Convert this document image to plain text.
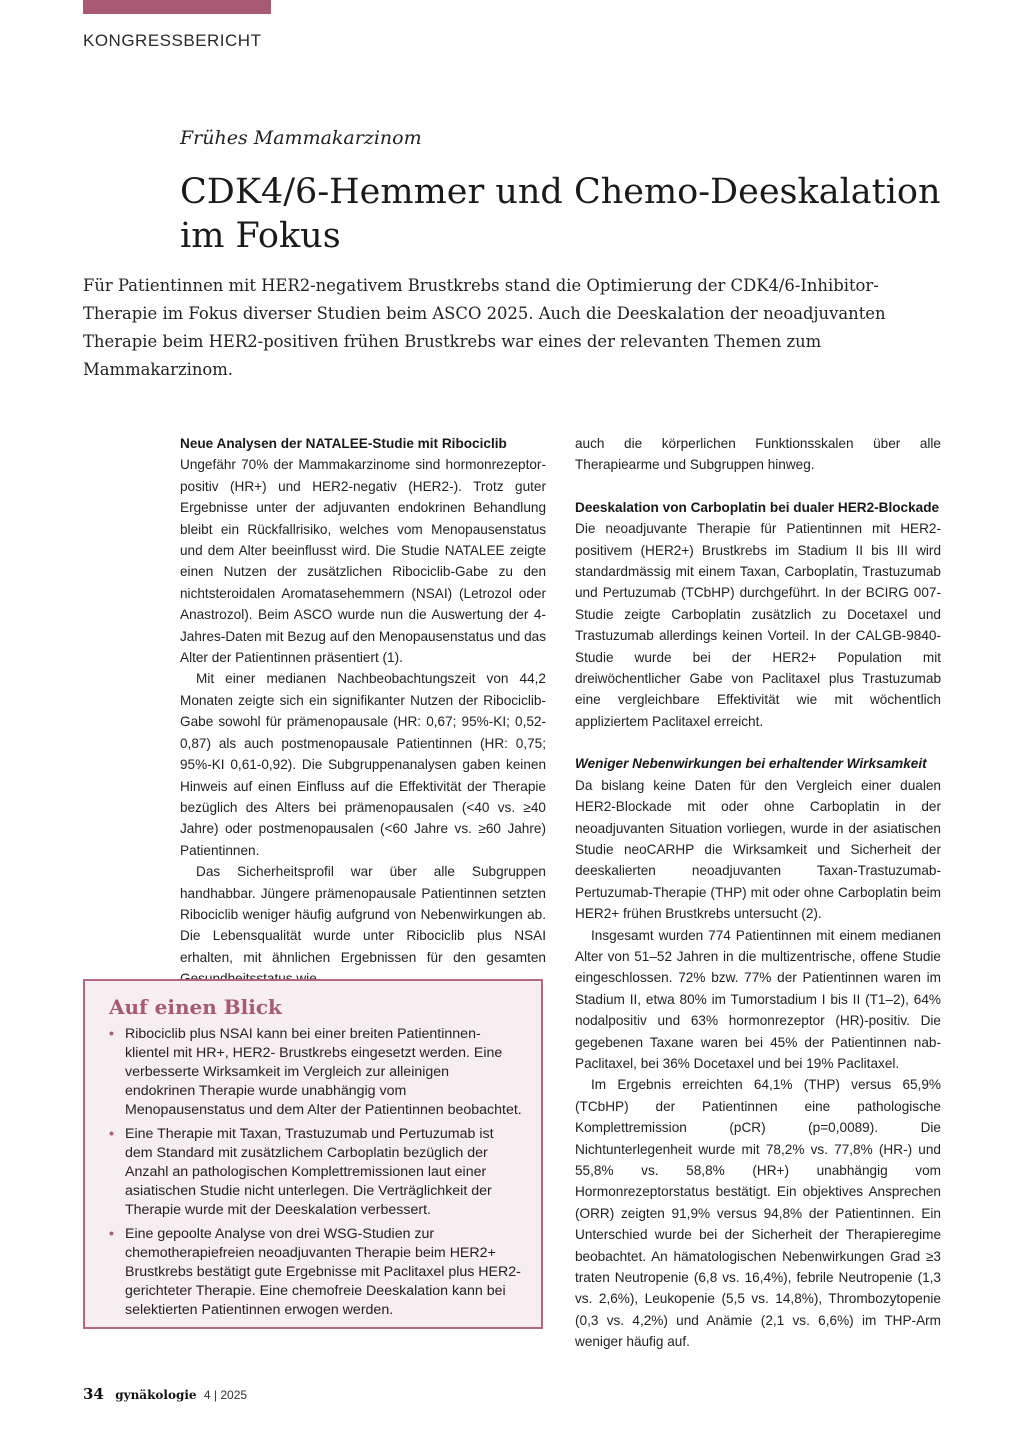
KONGRESSBERICHT
Frühes Mammakarzinom
CDK4/6-Hemmer und Chemo-Deeskalation im Fokus

Für Patientinnen mit HER2-negativem Brustkrebs stand die Optimierung der CDK4/6-Inhibitor-Therapie im Fokus diverser Studien beim ASCO 2025. Auch die Deeskalation der neoadjuvanten Therapie beim HER2-positiven frühen Brustkrebs war eines der relevanten Themen zum Mammakarzinom.

Neue Analysen der NATALEE-Studie mit Ribociclib

Ungefähr 70% der Mammakarzinome sind hormonrezeptor-positiv (HR+) und HER2-negativ (HER2-). Trotz guter Ergebnisse unter der adjuvanten endokrinen Behandlung bleibt ein Rückfallrisiko, welches vom Menopausenstatus und dem Alter beeinflusst wird. Die Studie NATALEE zeigte einen Nutzen der zusätzlichen Ribociclib-Gabe zu den nichtsteroidalen Aromatasehemmern (NSAI) (Letrozol oder Anastrozol). Beim ASCO wurde nun die Auswertung der 4-Jahres-Daten mit Bezug auf den Menopausenstatus und das Alter der Patientinnen präsentiert (1).

Mit einer medianen Nachbeobachtungszeit von 44,2 Monaten zeigte sich ein signifikanter Nutzen der Ribociclib-Gabe sowohl für prämenopausale (HR: 0,67; 95%-KI; 0,52-0,87) als auch postmenopausale Patientinnen (HR: 0,75; 95%-KI 0,61-0,92). Die Subgruppenanalysen gaben keinen Hinweis auf einen Einfluss auf die Effektivität der Therapie bezüglich des Alters bei prämenopausalen (<40 vs. ≥40 Jahre) oder postmenopausalen (<60 Jahre vs. ≥60 Jahre) Patientinnen.

Das Sicherheitsprofil war über alle Subgruppen handhabbar. Jüngere prämenopausale Patientinnen setzten Ribociclib weniger häufig aufgrund von Nebenwirkungen ab. Die Lebensqualität wurde unter Ribociclib plus NSAI erhalten, mit ähnlichen Ergebnissen für den gesamten

auch die körperlichen Funktionsskalen über alle Therapiearme und Subgruppen hinweg.

Deeskalation von Carboplatin bei dualer HER2-Blockade

Die neoadjuvante Therapie für Patientinnen mit HER2-positivem (HER2+) Brustkrebs im Stadium II bis III wird standardmässig mit einem Taxan, Carboplatin, Trastuzumab und Pertuzumab (TCbHP) durchgeführt. In der BCIRG 007-Studie zeigte Carboplatin zusätzlich zu Docetaxel und Trastuzumab allerdings keinen Vorteil. In der CALGB-9840-Studie wurde bei der HER2+ Population mit dreiwöchentlicher Gabe von Paclitaxel plus Trastuzumab eine vergleichbare Effektivität wie mit wöchentlich appliziertem Paclitaxel erreicht.

Weniger Nebenwirkungen bei erhaltender Wirksamkeit

Da bislang keine Daten für den Vergleich einer dualen HER2-Blockade mit oder ohne Carboplatin in der neoadjuvanten Situation vorliegen, wurde in der asiatischen Studie neoCARHP die Wirksamkeit und Sicherheit der deeskalierten neoadjuvanten Taxan-Trastuzumab-Pertuzumab-Therapie (THP) mit oder ohne Carboplatin beim HER2+ frühen Brustkrebs untersucht (2).

Insgesamt wurden 774 Patientinnen mit einem medianen Alter von 51–52 Jahren in die multizentrische, offene Studie eingeschlossen. 72% bzw. 77% der Patientinnen waren im Stadium II, etwa 80% im Tumorstadium I bis II (T1–2), 64% nodalpositiv und 63% hormonrezeptor (HR)-positiv. Die gegebenen Taxane waren bei 45% der Patientinnen nab-Paclitaxel, bei 36% Docetaxel und bei 19% Paclitaxel.

Im Ergebnis erreichten 64,1% (THP) versus 65,9% (TCbHP) der Patientinnen eine pathologische Komplettremission (pCR) (p=0,0089). Die Nichtunterlegenheit wurde mit 78,2% vs. 77,8% (HR-) und 55,8% vs. 58,8% (HR+) unabhängig vom Hormonrezeptorstatus bestätigt. Ein objektives Ansprechen (ORR) zeigten 91,9% versus 94,8% der Patientinnen. Ein Unterschied wurde bei der Sicherheit der Therapieregime beobachtet. An hämatologischen Nebenwirkungen Grad ≥3 traten Neutropenie (6,8 vs. 16,4%), febrile Neutropenie (1,3 vs. 2,6%), Leukopenie (5,5 vs. 14,8%), Thrombozytopenie (0,3 vs. 4,2%) und Anämie (2,1 vs. 6,6%) im THP-Arm weniger häufig auf.

Auf einen Blick
• Ribociclib plus NSAI kann bei einer breiten Patientinnen-klientel mit HR+, HER2- Brustkrebs eingesetzt werden. Eine verbesserte Wirksamkeit im Vergleich zur alleinigen endokrinen Therapie wurde unabhängig vom Menopausenstatus und dem Alter der Patientinnen beobachtet.
• Eine Therapie mit Taxan, Trastuzumab und Pertuzumab ist dem Standard mit zusätzlichem Carboplatin bezüglich der Anzahl an pathologischen Komplettremissionen laut einer asiatischen Studie nicht unterlegen. Die Verträglichkeit der Therapie wurde mit der Deeskalation verbessert.
• Eine gepoolte Analyse von drei WSG-Studien zur chemotherapiefreien neoadjuvanten Therapie beim HER2+ Brustkrebs bestätigt gute Ergebnisse mit Paclitaxel plus HER2-gerichteter Therapie. Eine chemofreie Deeskalation kann bei selektierten Patientinnen erwogen werden.
34 gynäkologie 4 | 2025
